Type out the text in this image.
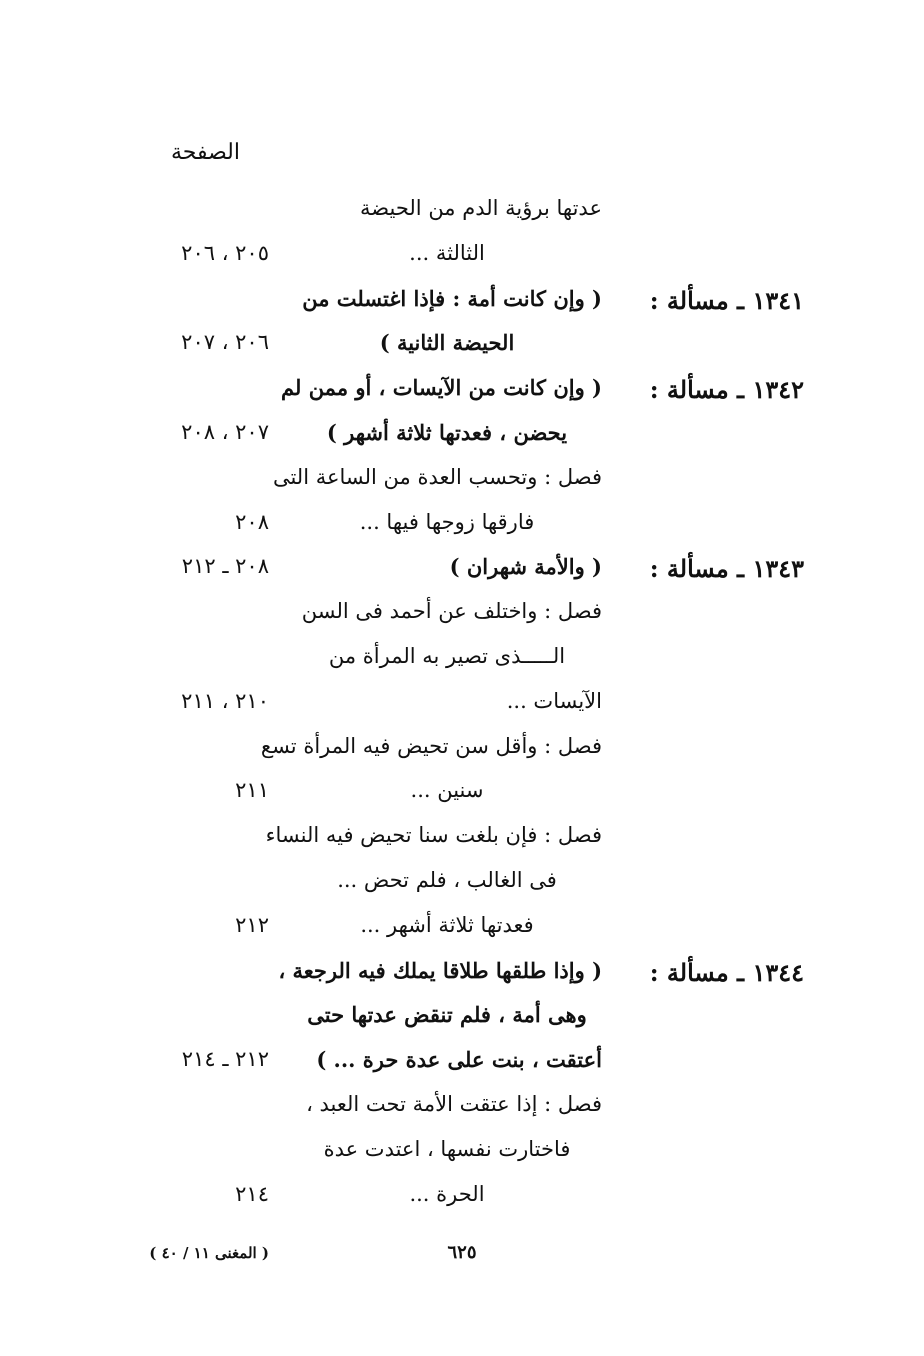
الصفحة
عدتها برؤية الدم من الحيضة
الثالثة ...
٢٠٥ ، ٢٠٦
١٣٤١ ـ مسألة :
( وإن كانت أمة : فإذا اغتسلت من
الحيضة الثانية )
٢٠٦ ، ٢٠٧
١٣٤٢ ـ مسألة :
( وإن كانت من الآيسات ، أو ممن لم
يحضن ، فعدتها ثلاثة أشهر )
٢٠٧ ، ٢٠٨
فصل : وتحسب العدة من الساعة التى
فارقها زوجها فيها ...
٢٠٨
١٣٤٣ ـ مسألة :
( والأمة شهران )
٢٠٨ ـ ٢١٢
فصل : واختلف عن أحمد فى السن
الـــــذى تصير به المرأة من
الآيسات ...
٢١٠ ، ٢١١
فصل : وأقل سن تحيض فيه المرأة تسع
سنين ...
٢١١
فصل : فإن بلغت سنا تحيض فيه النساء
فى الغالب ، فلم تحض ...
فعدتها ثلاثة أشهر ...
٢١٢
١٣٤٤ ـ مسألة :
( وإذا طلقها طلاقا يملك فيه الرجعة ،
وهى أمة ، فلم تنقض عدتها حتى
أعتقت ، بنت على عدة حرة ... )
٢١٢ ـ ٢١٤
فصل : إذا عتقت الأمة تحت العبد ،
فاختارت نفسها ، اعتدت عدة
الحرة ...
٢١٤
٦٢٥
( المغنى ١١ / ٤٠ )
